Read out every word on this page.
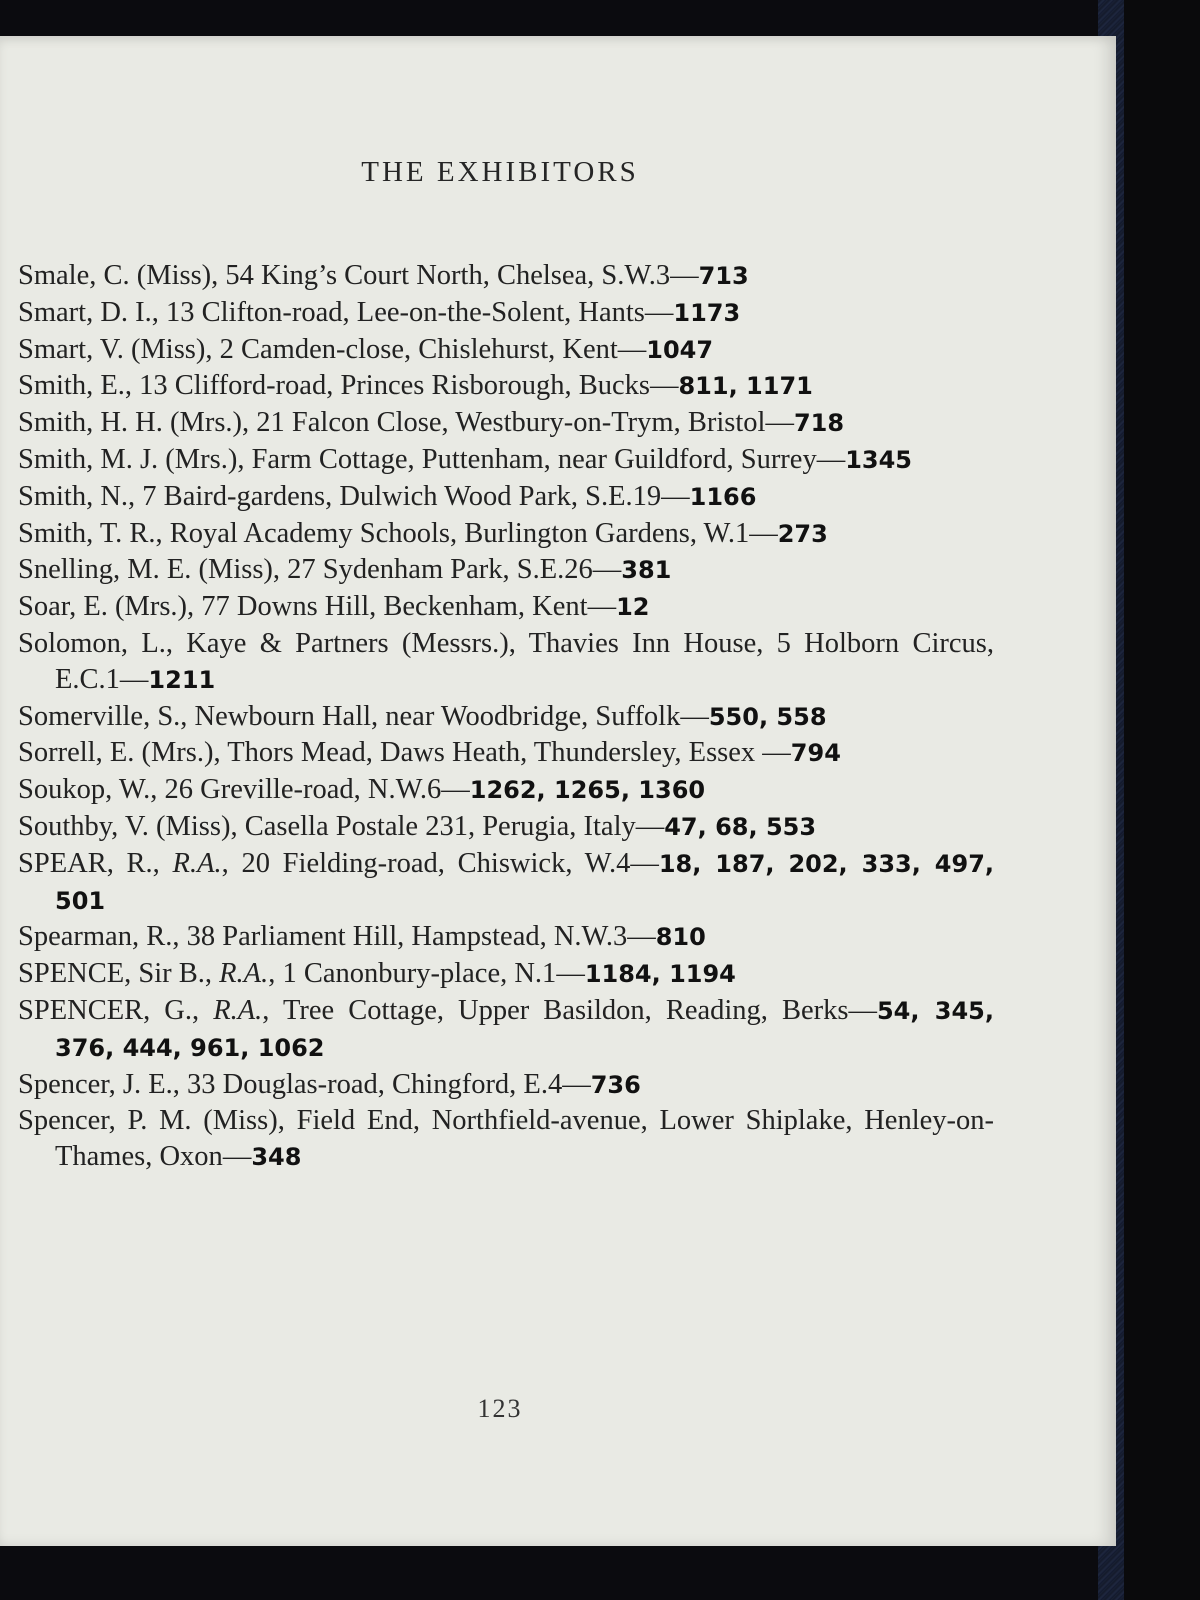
THE EXHIBITORS
Smale, C. (Miss), 54 King’s Court North, Chelsea, S.W.3—713
Smart, D. I., 13 Clifton-road, Lee-on-the-Solent, Hants—1173
Smart, V. (Miss), 2 Camden-close, Chislehurst, Kent—1047
Smith, E., 13 Clifford-road, Princes Risborough, Bucks—811, 1171
Smith, H. H. (Mrs.), 21 Falcon Close, Westbury-on-Trym, Bristol—718
Smith, M. J. (Mrs.), Farm Cottage, Puttenham, near Guildford, Surrey—1345
Smith, N., 7 Baird-gardens, Dulwich Wood Park, S.E.19—1166
Smith, T. R., Royal Academy Schools, Burlington Gardens, W.1—273
Snelling, M. E. (Miss), 27 Sydenham Park, S.E.26—381
Soar, E. (Mrs.), 77 Downs Hill, Beckenham, Kent—12
Solomon, L., Kaye & Partners (Messrs.), Thavies Inn House, 5 Holborn Circus, E.C.1—1211
Somerville, S., Newbourn Hall, near Woodbridge, Suffolk—550, 558
Sorrell, E. (Mrs.), Thors Mead, Daws Heath, Thundersley, Essex —794
Soukop, W., 26 Greville-road, N.W.6—1262, 1265, 1360
Southby, V. (Miss), Casella Postale 231, Perugia, Italy—47, 68, 553
SPEAR, R., R.A., 20 Fielding-road, Chiswick, W.4—18, 187, 202, 333, 497, 501
Spearman, R., 38 Parliament Hill, Hampstead, N.W.3—810
SPENCE, Sir B., R.A., 1 Canonbury-place, N.1—1184, 1194
SPENCER, G., R.A., Tree Cottage, Upper Basildon, Reading, Berks—54, 345, 376, 444, 961, 1062
Spencer, J. E., 33 Douglas-road, Chingford, E.4—736
Spencer, P. M. (Miss), Field End, Northfield-avenue, Lower Shiplake, Henley-on-Thames, Oxon—348
123
